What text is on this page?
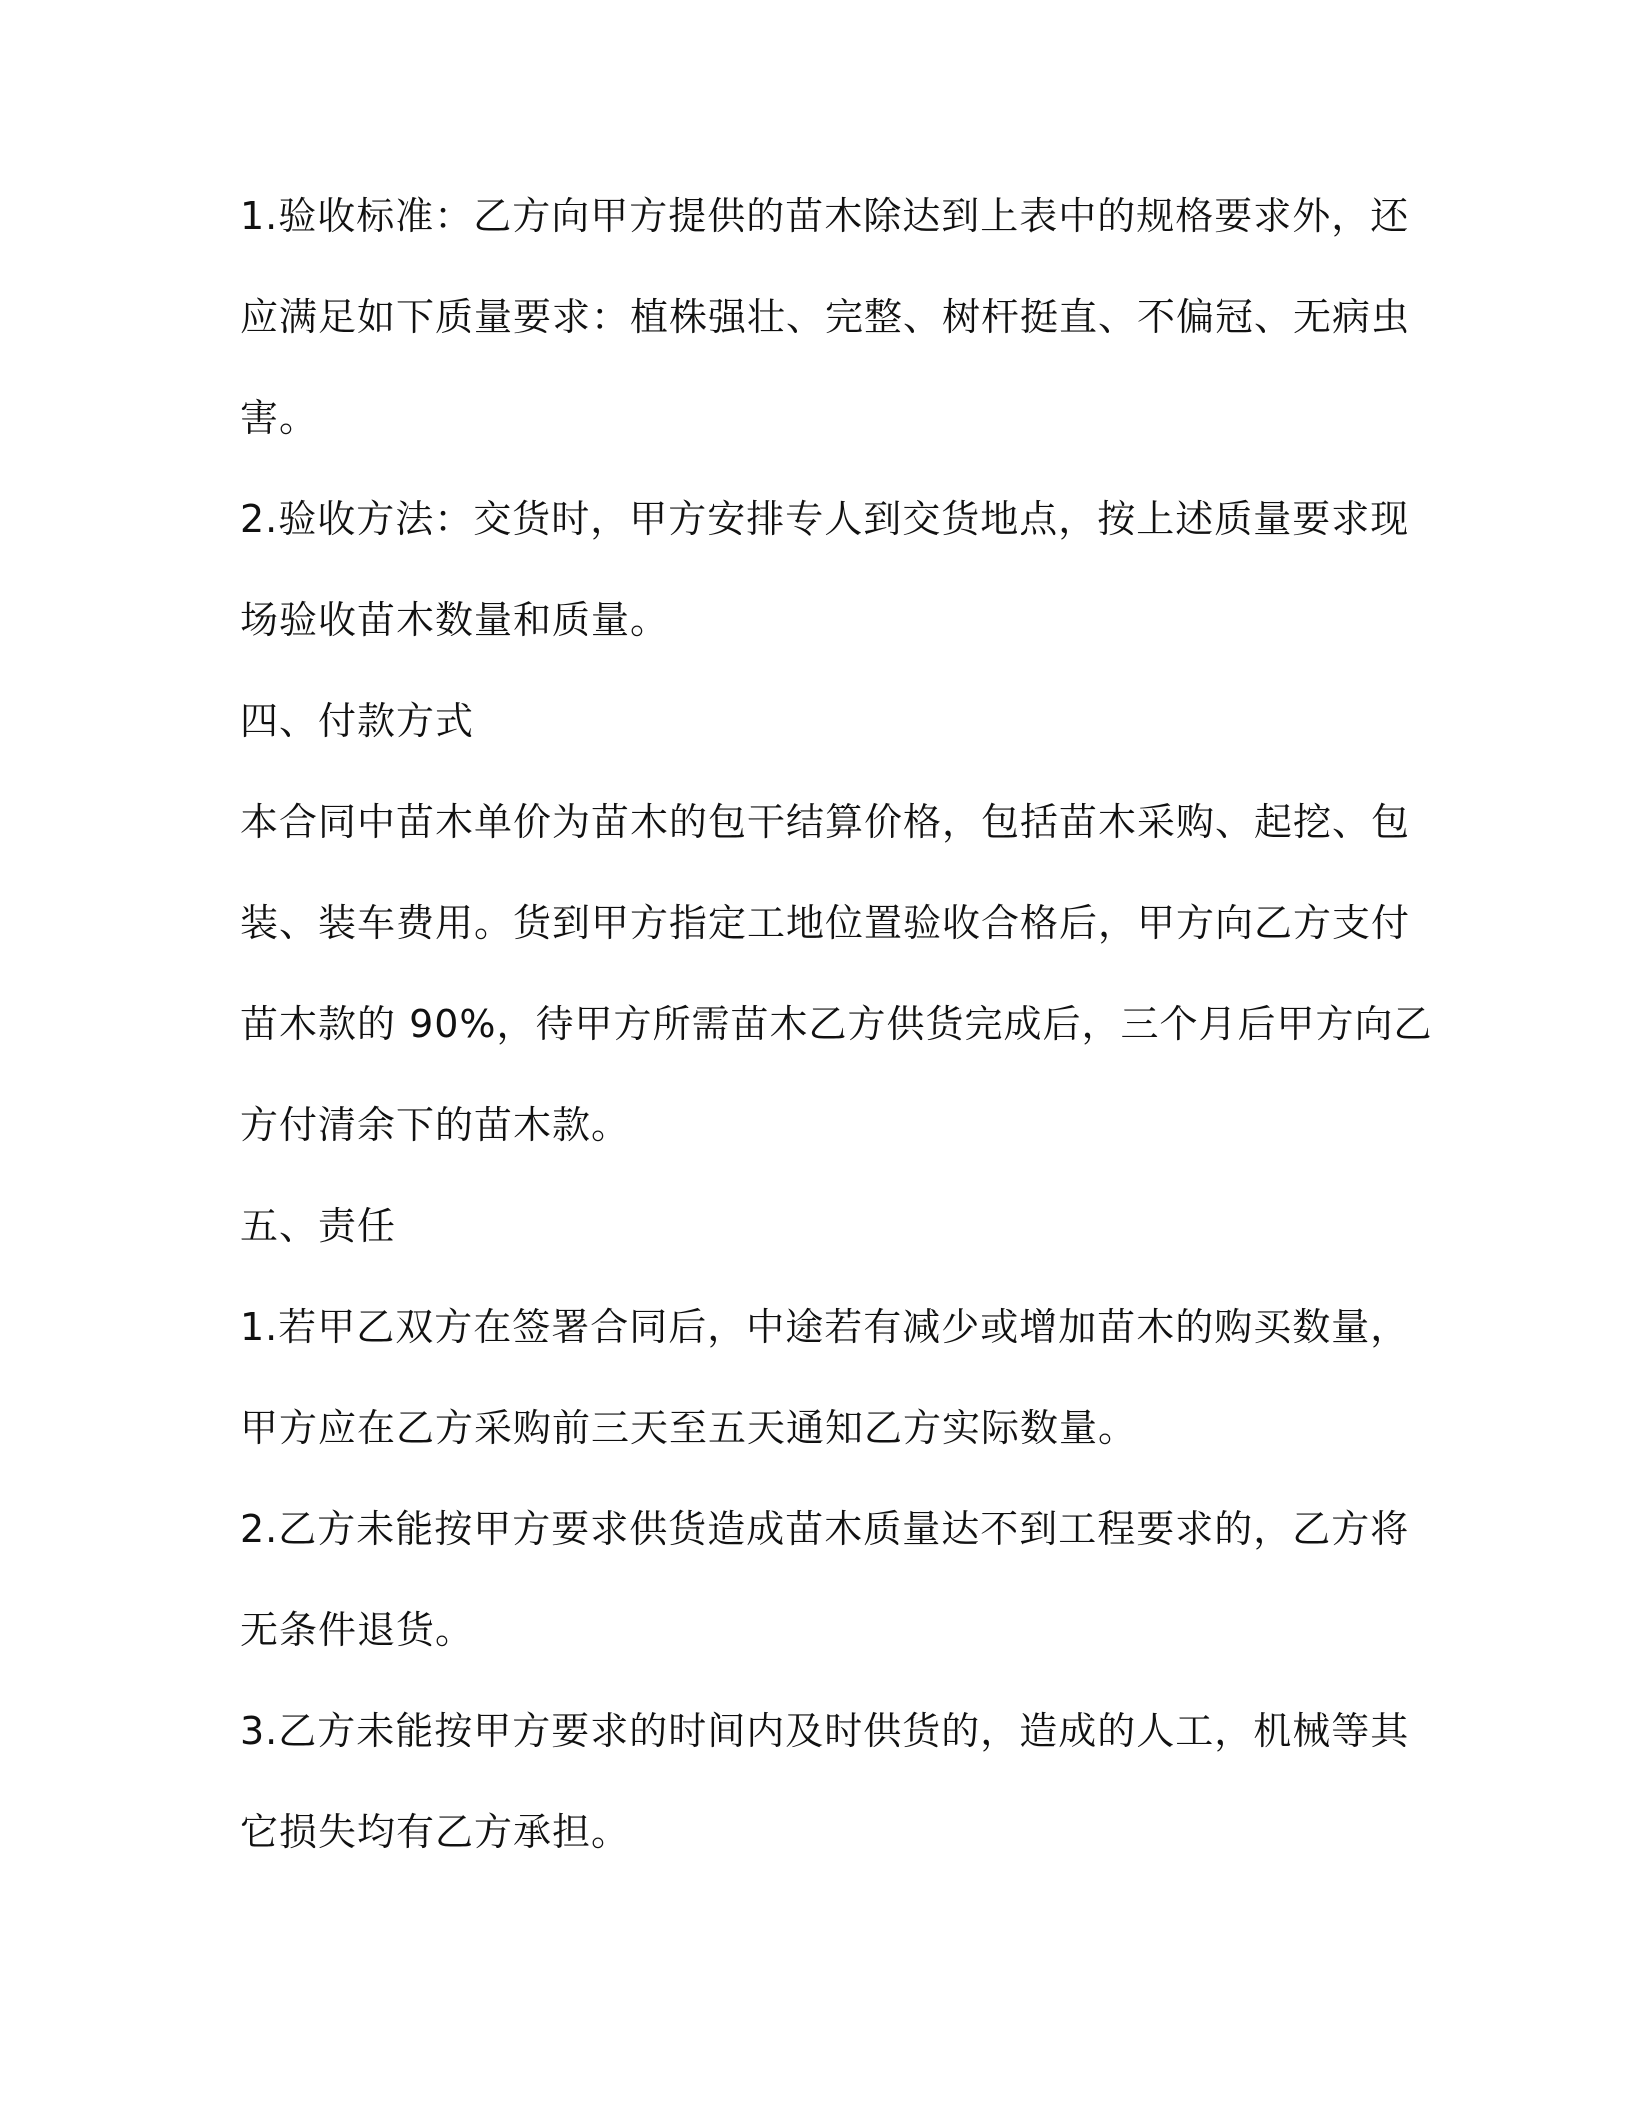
1.验收标准：乙方向甲方提供的苗木除达到上表中的规格要求外，还
应满足如下质量要求：植株强壮、完整、树杆挺直、不偏冠、无病虫
害。
2.验收方法：交货时，甲方安排专人到交货地点，按上述质量要求现
场验收苗木数量和质量。
四、付款方式
本合同中苗木单价为苗木的包干结算价格，包括苗木采购、起挖、包
装、装车费用。货到甲方指定工地位置验收合格后，甲方向乙方支付
苗木款的 90%，待甲方所需苗木乙方供货完成后，三个月后甲方向乙
方付清余下的苗木款。
五、责任
1.若甲乙双方在签署合同后，中途若有减少或增加苗木的购买数量，
甲方应在乙方采购前三天至五天通知乙方实际数量。
2.乙方未能按甲方要求供货造成苗木质量达不到工程要求的，乙方将
无条件退货。
3.乙方未能按甲方要求的时间内及时供货的，造成的人工，机械等其
它损失均有乙方承担。
